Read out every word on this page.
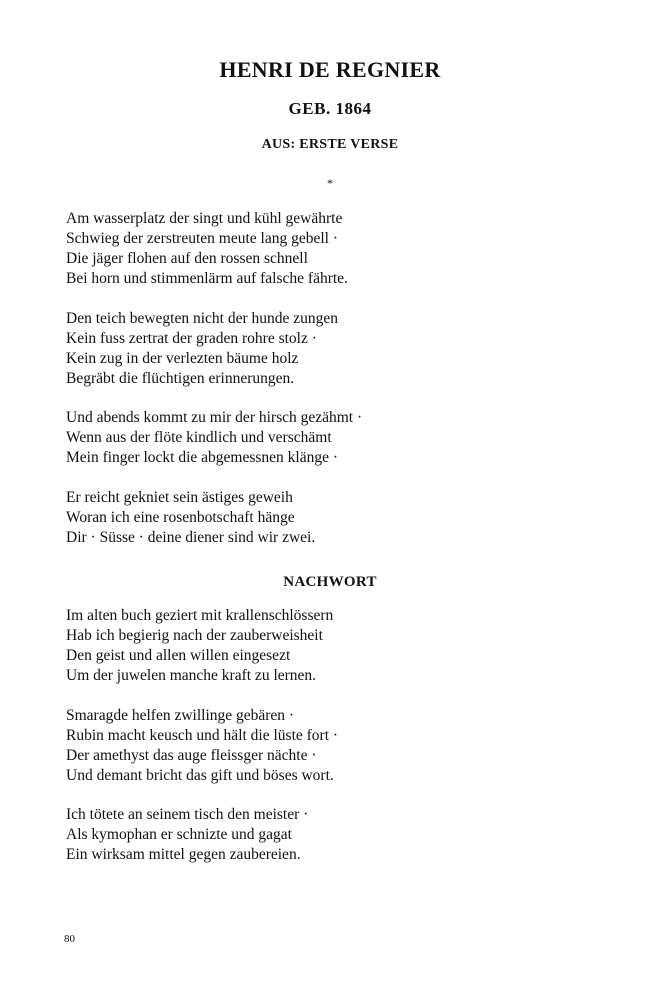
HENRI DE REGNIER
GEB. 1864
AUS: ERSTE VERSE
*
Am wasserplatz der singt und kühl gewährte
Schwieg der zerstreuten meute lang gebell ·
Die jäger flohen auf den rossen schnell
Bei horn und stimmenlärm auf falsche fährte.
Den teich bewegten nicht der hunde zungen
Kein fuss zertrat der graden rohre stolz ·
Kein zug in der verlezten bäume holz
Begräbt die flüchtigen erinnerungen.
Und abends kommt zu mir der hirsch gezähmt ·
Wenn aus der flöte kindlich und verschämt
Mein finger lockt die abgemessnen klänge ·
Er reicht gekniet sein ästiges geweih
Woran ich eine rosenbotschaft hänge
Dir · Süsse · deine diener sind wir zwei.
NACHWORT
Im alten buch geziert mit krallenschlössern
Hab ich begierig nach der zauberweisheit
Den geist und allen willen eingesezt
Um der juwelen manche kraft zu lernen.
Smaragde helfen zwillinge gebären ·
Rubin macht keusch und hält die lüste fort ·
Der amethyst das auge fleissger nächte ·
Und demant bricht das gift und böses wort.
Ich tötete an seinem tisch den meister ·
Als kymophan er schnizte und gagat
Ein wirksam mittel gegen zaubereien.
80
